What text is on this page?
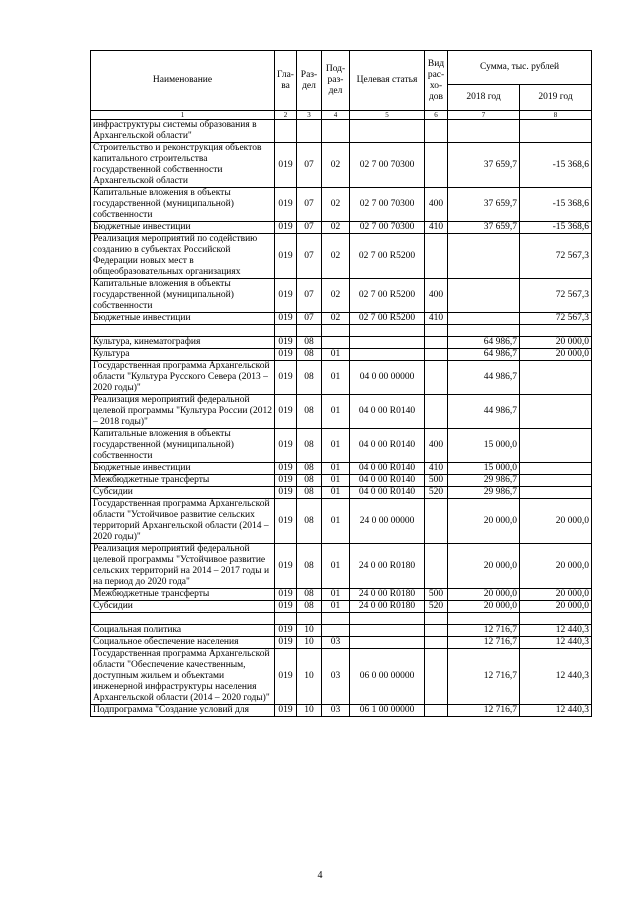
Наименование	Гла-ва	Раз-дел	Под-раз-дел	Целевая статья	Вид рас-хо-дов	Сумма, тыс. рублей	
						2018 год	2019 год
1	2	3	4	5	6	7	8
инфраструктуры системы образования в Архангельской области"							
Строительство и реконструкция объектов капитального строительства государственной собственности Архангельской области	019	07	02	02 7 00 70300		37 659,7	-15 368,6
Капитальные вложения в объекты государственной (муниципальной) собственности	019	07	02	02 7 00 70300	400	37 659,7	-15 368,6
Бюджетные инвестиции	019	07	02	02 7 00 70300	410	37 659,7	-15 368,6
Реализация мероприятий по содействию созданию в субъектах Российской Федерации новых мест в общеобразовательных организациях	019	07	02	02 7 00 R5200			72 567,3
Капитальные вложения в объекты государственной (муниципальной) собственности	019	07	02	02 7 00 R5200	400		72 567,3
Бюджетные инвестиции	019	07	02	02 7 00 R5200	410		72 567,3

Культура, кинематография	019	08				64 986,7	20 000,0
Культура	019	08	01			64 986,7	20 000,0
Государственная программа Архангельской области "Культура Русского Севера (2013 – 2020 годы)"	019	08	01	04 0 00 00000		44 986,7	
Реализация мероприятий федеральной целевой программы "Культура России (2012 – 2018 годы)"	019	08	01	04 0 00 R0140		44 986,7	
Капитальные вложения в объекты государственной (муниципальной) собственности	019	08	01	04 0 00 R0140	400	15 000,0	
Бюджетные инвестиции	019	08	01	04 0 00 R0140	410	15 000,0	
Межбюджетные трансферты	019	08	01	04 0 00 R0140	500	29 986,7	
Субсидии	019	08	01	04 0 00 R0140	520	29 986,7	
Государственная программа Архангельской области "Устойчивое развитие сельских территорий Архангельской области (2014 – 2020 годы)"	019	08	01	24 0 00 00000		20 000,0	20 000,0
Реализация мероприятий федеральной целевой программы "Устойчивое развитие сельских территорий на 2014 – 2017 годы и на период до 2020 года"	019	08	01	24 0 00 R0180		20 000,0	20 000,0
Межбюджетные трансферты	019	08	01	24 0 00 R0180	500	20 000,0	20 000,0
Субсидии	019	08	01	24 0 00 R0180	520	20 000,0	20 000,0

Социальная политика	019	10				12 716,7	12 440,3
Социальное обеспечение населения	019	10	03			12 716,7	12 440,3
Государственная программа Архангельской области "Обеспечение качественным, доступным жильем и объектами инженерной инфраструктуры населения Архангельской области (2014 – 2020 годы)"	019	10	03	06 0 00 00000		12 716,7	12 440,3
Подпрограмма "Создание условий для	019	10	03	06 1 00 00000		12 716,7	12 440,3
4
